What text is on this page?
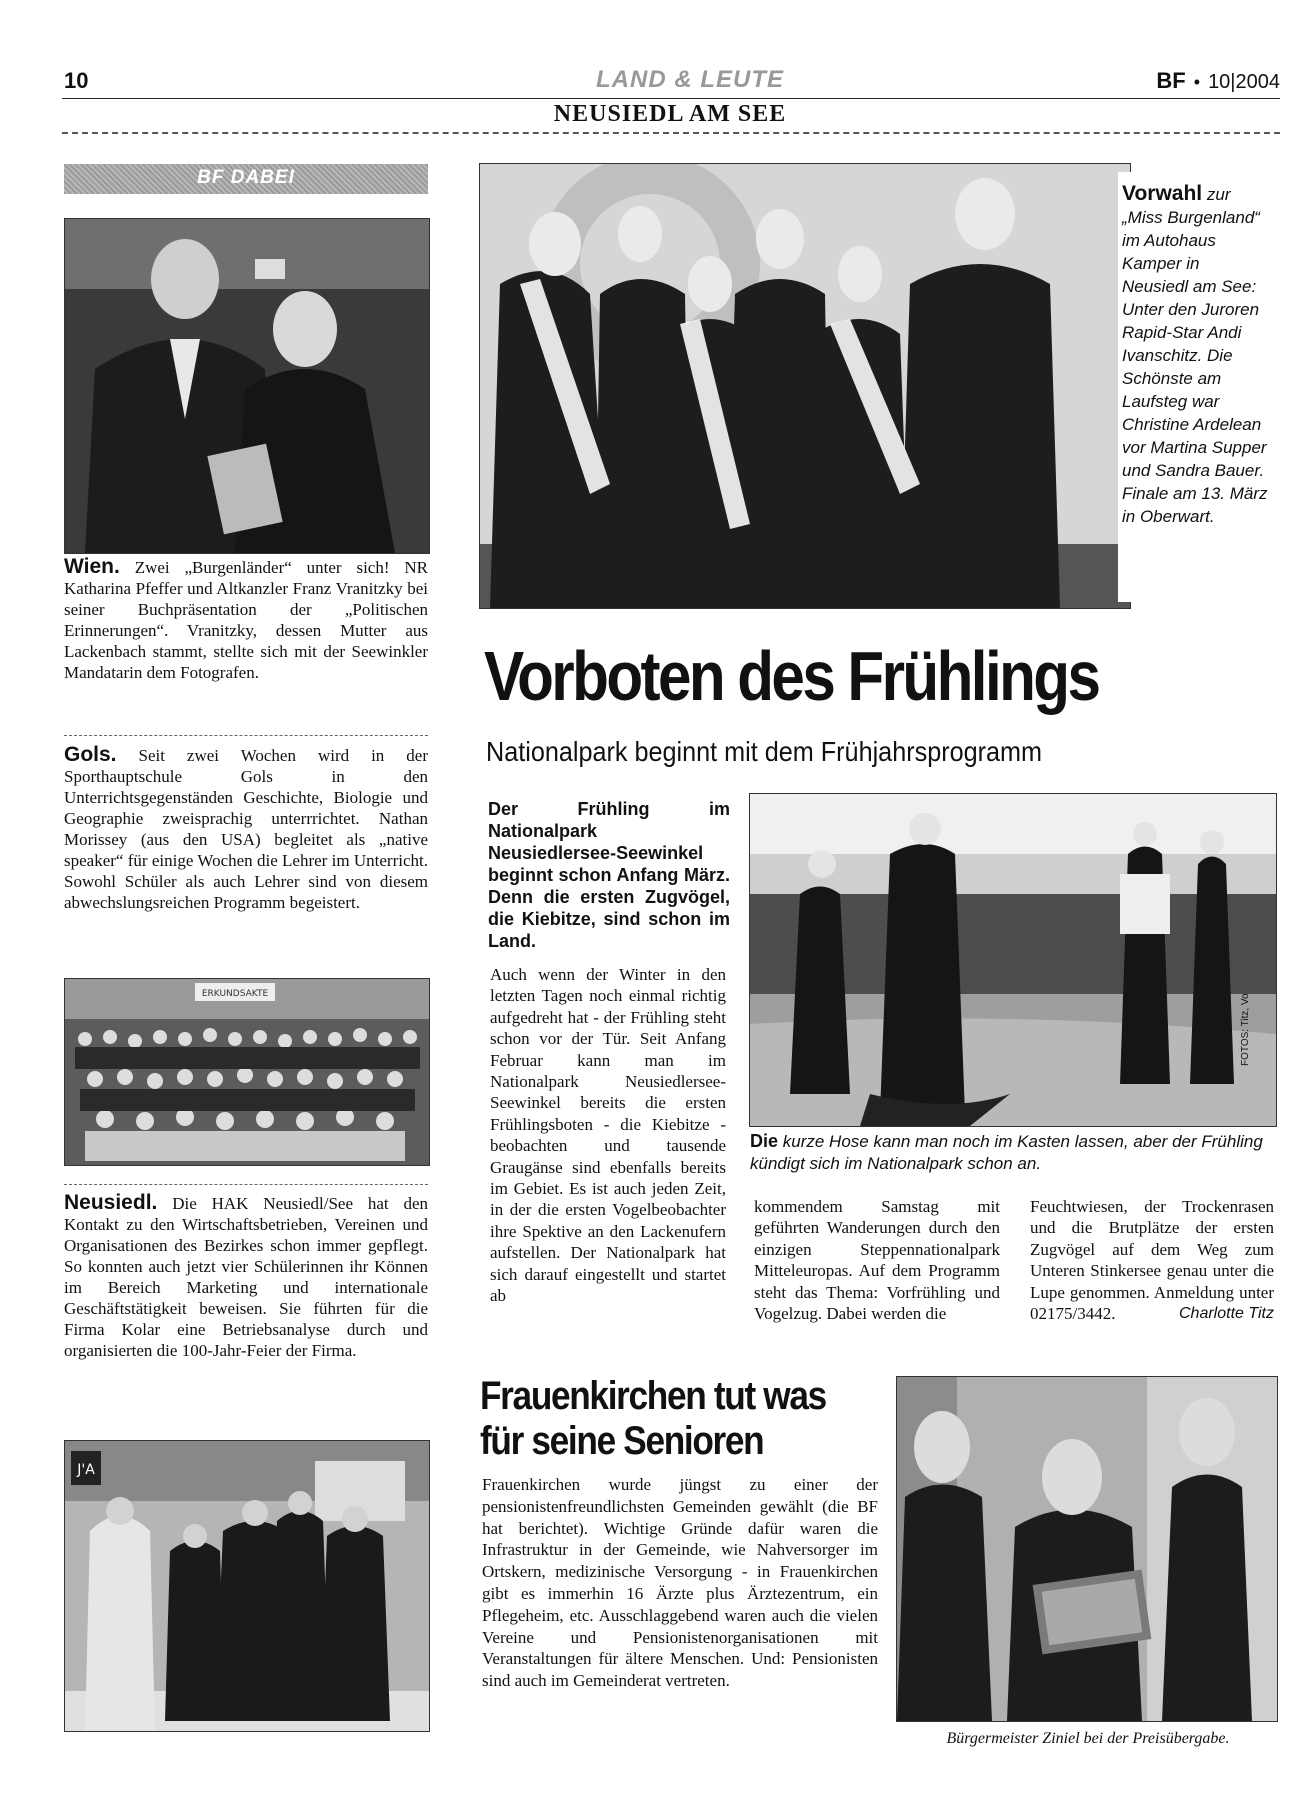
10	LAND & LEUTE	BF • 10|2004
NEUSIEDL AM SEE
BF DABEI
Wien. Zwei „Burgenländer“ unter sich! NR Katharina Pfeffer und Altkanzler Franz Vranitzky bei seiner Buchpräsentation der „Politischen Erinnerungen“. Vranitzky, dessen Mutter aus Lackenbach stammt, stellte sich mit der Seewinkler Mandatarin dem Fotografen.
Gols. Seit zwei Wochen wird in der Sporthauptschule Gols in den Unterrichtsgegenständen Geschichte, Biologie und Geographie zweisprachig unterrrichtet. Nathan Morissey (aus den USA) begleitet als „native speaker“ für einige Wochen die Lehrer im Unterricht. Sowohl Schüler als auch Lehrer sind von diesem abwechslungsreichen Programm begeistert.
ERKUNDSAKTE
Neusiedl. Die HAK Neusiedl/See hat den Kontakt zu den Wirtschaftsbetrieben, Vereinen und Organisationen des Bezirkes schon immer gepflegt. So konnten auch jetzt vier Schülerinnen ihr Können im Bereich Marketing und internationale Geschäftstätigkeit beweisen. Sie führten für die Firma Kolar eine Betriebsanalyse durch und organisierten die 100-Jahr-Feier der Firma.
J'A
Vorwahl zur „Miss Burgenland“ im Autohaus Kamper in Neusiedl am See: Unter den Juroren Rapid-Star Andi Ivanschitz. Die Schönste am Laufsteg war Christine Ardelean vor Martina Supper und Sandra Bauer. Finale am 13. März in Oberwart.
Vorboten des Frühlings
Nationalpark beginnt mit dem Frühjahrsprogramm
Der Frühling im Nationalpark Neusiedlersee-Seewinkel beginnt schon Anfang März. Denn die ersten Zugvögel, die Kiebitze, sind schon im Land.
Auch wenn der Winter in den letzten Tagen noch einmal richtig aufgedreht hat - der Frühling steht schon vor der Tür. Seit Anfang Februar kann man im Nationalpark Neusiedlersee-Seewinkel bereits die ersten Frühlingsboten - die Kiebitze - beobachten und tausende Graugänse sind ebenfalls bereits im Gebiet. Es ist auch jeden Zeit, in der die ersten Vogelbeobachter ihre Spektive an den Lackenufern aufstellen. Der Nationalpark hat sich darauf eingestellt und startet ab
FOTOS: Titz, Vo
Die kurze Hose kann man noch im Kasten lassen, aber der Frühling kündigt sich im Nationalpark schon an.
kommendem Samstag mit geführten Wanderungen durch den einzigen Steppennationalpark Mitteleuropas. Auf dem Programm steht das Thema: Vorfrühling und Vogelzug. Dabei werden die
Feuchtwiesen, der Trockenrasen und die Brutplätze der ersten Zugvögel auf dem Weg zum Unteren Stinkersee genau unter die Lupe genommen. Anmeldung unter 02175/3442.	Charlotte Titz
Frauenkirchen tut was
für seine Senioren
Frauenkirchen wurde jüngst zu einer der pensionistenfreundlichsten Gemeinden gewählt (die BF hat berichtet). Wichtige Gründe dafür waren die Infrastruktur in der Gemeinde, wie Nahversorger im Ortskern, medizinische Versorgung - in Frauenkirchen gibt es immerhin 16 Ärzte plus Ärztezentrum, ein Pflegeheim, etc. Ausschlaggebend waren auch die vielen Vereine und Pensionistenorganisationen mit Veranstaltungen für ältere Menschen. Und: Pensionisten sind auch im Gemeinderat vertreten.
Bürgermeister Ziniel bei der Preisübergabe.
